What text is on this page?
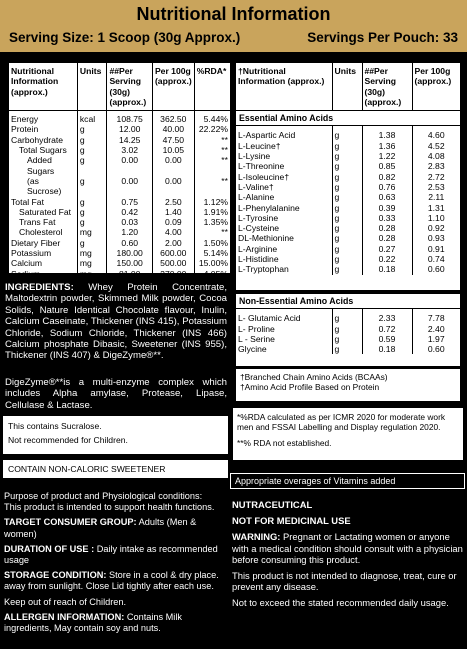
Nutritional Information
Serving Size: 1 Scoop (30g Approx.)	Servings Per Pouch: 33
Nutritional Information (approx.)	Units	##Per Serving (30g) (approx.)	Per 100g (approx.)	%RDA*
Energy	kcal	108.75	362.50	5.44%
Protein	g	12.00	40.00	22.22%
Carbohydrate	g	14.25	47.50	**
Total Sugars	g	3.02	10.05	**
Added Sugars	g	0.00	0.00	**
(as Sucrose)	g	0.00	0.00	**
Total Fat	g	0.75	2.50	1.12%
Saturated Fat	g	0.42	1.40	1.91%
Trans Fat	g	0.03	0.09	1.35%
Cholesterol	mg	1.20	4.00	**
Dietary Fiber	g	0.60	2.00	1.50%
Potassium	mg	180.00	600.00	5.14%
Calcium	mg	150.00	500.00	15.00%
Sodium	mg	81.00	270.00	4.05%
†Nutritional Information (approx.)	Units	##Per Serving (30g) (approx.)	Per 100g (approx.)
Essential Amino Acids			
L-Aspartic Acid	g	1.38	4.60
L-Leucine†	g	1.36	4.52
L-Lysine	g	1.22	4.08
L-Threonine	g	0.85	2.83
L-Isoleucine†	g	0.82	2.72
L-Valine†	g	0.76	2.53
L-Alanine	g	0.63	2.11
L-Phenylalanine	g	0.39	1.31
L-Tyrosine	g	0.33	1.10
L-Cysteine	g	0.28	0.92
DL-Methionine	g	0.28	0.93
L-Arginine	g	0.27	0.91
L-Histidine	g	0.22	0.74
L-Tryptophan	g	0.18	0.60
Non-Essential Amino Acids			
L- Glutamic Acid	g	2.33	7.78
L- Proline	g	0.72	2.40
L - Serine	g	0.59	1.97
Glycine	g	0.18	0.60
†Branched Chain Amino Acids (BCAAs)
†Amino Acid Profile Based on Protein
INGREDIENTS: Whey Protein Concentrate, Maltodextrin powder, Skimmed Milk powder, Cocoa Solids, Nature Identical Chocolate flavour, Inulin, Calcium Caseinate, Thickener (INS 415), Potassium Chloride, Sodium Chloride, Thickener (INS 466) Calcium phosphate Dibasic, Sweetener (INS 955), Thickener (INS 407) & DigeZyme®**.
DigeZyme®**is a multi-enzyme complex which includes Alpha amylase, Protease, Lipase, Cellulase & Lactase.
This contains Sucralose.
Not recommended for Children.
CONTAIN NON-CALORIC SWEETENER
*%RDA calculated as per ICMR 2020 for moderate work men and FSSAI Labelling and Display regulation 2020.
**% RDA not established.
Appropriate overages of Vitamins added

Purpose of product and Physiological conditions:
This product is intended to support health functions.

TARGET CONSUMER GROUP: Adults (Men & women)

DURATION OF USE : Daily intake as recommended usage

STORAGE CONDITION: Store in a cool & dry place. away from sunlight. Close Lid tightly after each use.

Keep out of reach of Children.

ALLERGEN INFORMATION: Contains Milk ingredients, May contain soy and nuts.

NUTRACEUTICAL

NOT FOR MEDICINAL USE

WARNING: Pregnant or Lactating women or anyone with a medical condition should consult with a physician before consuming this product.

This product is not intended to diagnose, treat, cure or prevent any disease.

Not to exceed the stated recommended daily usage.
